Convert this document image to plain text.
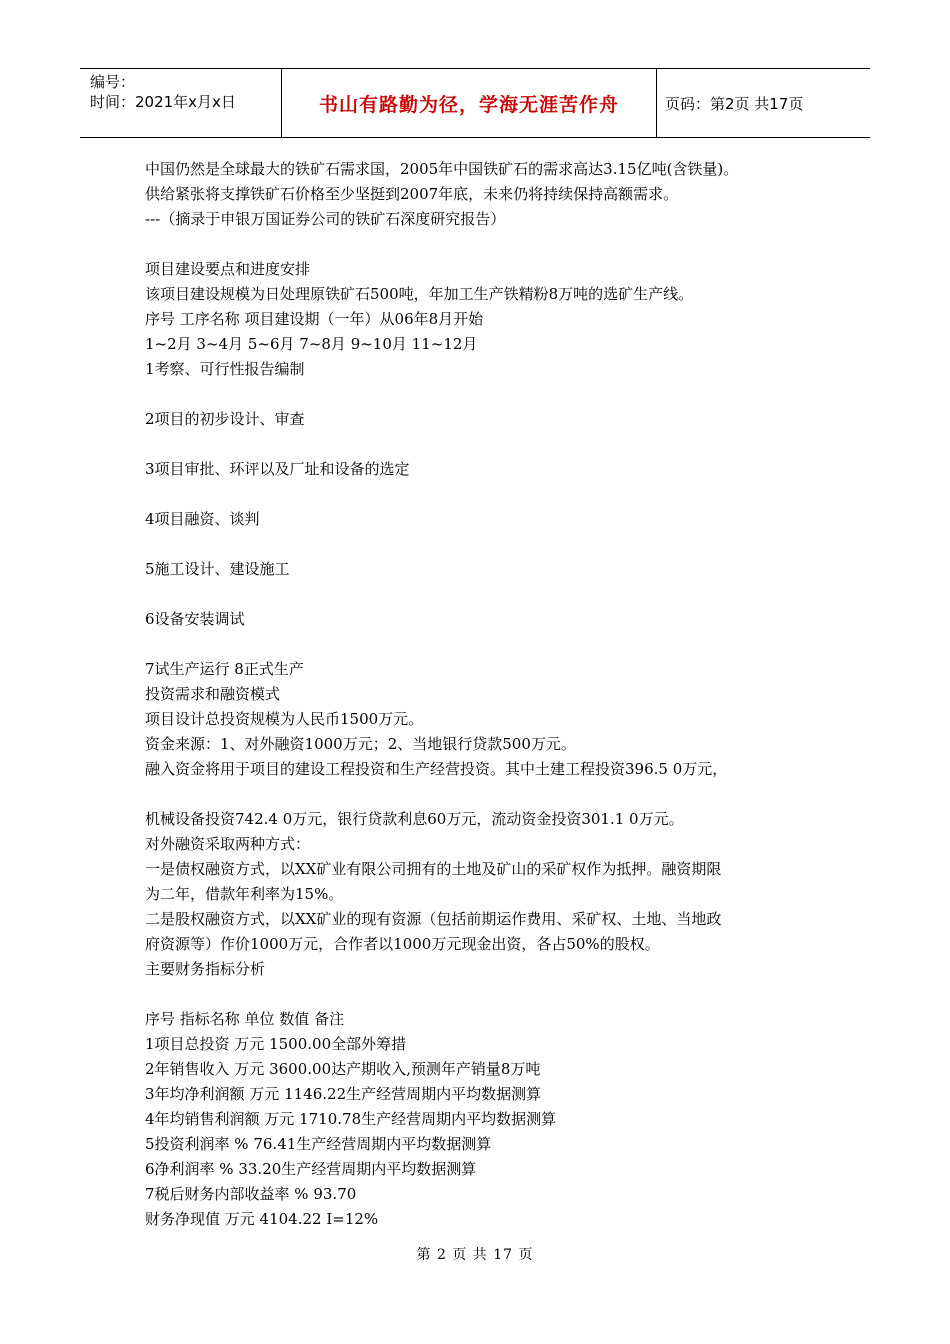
编号：
时间：2021年x月x日	书山有路勤为径，学海无涯苦作舟	页码：第2页 共17页

中国仍然是全球最大的铁矿石需求国，2005年中国铁矿石的需求高达3.15亿吨(含铁量)。

供给紧张将支撑铁矿石价格至少坚挺到2007年底，未来仍将持续保持高额需求。

---（摘录于申银万国证券公司的铁矿石深度研究报告）

项目建设要点和进度安排

该项目建设规模为日处理原铁矿石500吨，年加工生产铁精粉8万吨的选矿生产线。

序号 工序名称 项目建设期（一年）从06年8月开始

1~2月 3~4月 5~6月 7~8月 9~10月 11~12月

1考察、可行性报告编制

2项目的初步设计、审查

3项目审批、环评以及厂址和设备的选定

4项目融资、谈判

5施工设计、建设施工

6设备安装调试

7试生产运行 8正式生产

投资需求和融资模式

项目设计总投资规模为人民币1500万元。

资金来源：1、对外融资1000万元；2、当地银行贷款500万元。

融入资金将用于项目的建设工程投资和生产经营投资。其中土建工程投资396.5 0万元，

机械设备投资742.4 0万元，银行贷款利息60万元，流动资金投资301.1 0万元。

对外融资采取两种方式：

一是债权融资方式，以XX矿业有限公司拥有的土地及矿山的采矿权作为抵押。融资期限

为二年，借款年利率为15%。

二是股权融资方式，以XX矿业的现有资源（包括前期运作费用、采矿权、土地、当地政

府资源等）作价1000万元，合作者以1000万元现金出资，各占50%的股权。

主要财务指标分析

序号 指标名称 单位 数值 备注

1项目总投资 万元 1500.00全部外筹措

2年销售收入 万元 3600.00达产期收入,预测年产销量8万吨

3年均净利润额 万元 1146.22生产经营周期内平均数据测算

4年均销售利润额 万元 1710.78生产经营周期内平均数据测算

5投资利润率 % 76.41生产经营周期内平均数据测算

6净利润率 % 33.20生产经营周期内平均数据测算

7税后财务内部收益率 % 93.70

财务净现值 万元 4104.22 I=12%

第 2 页 共 17 页
